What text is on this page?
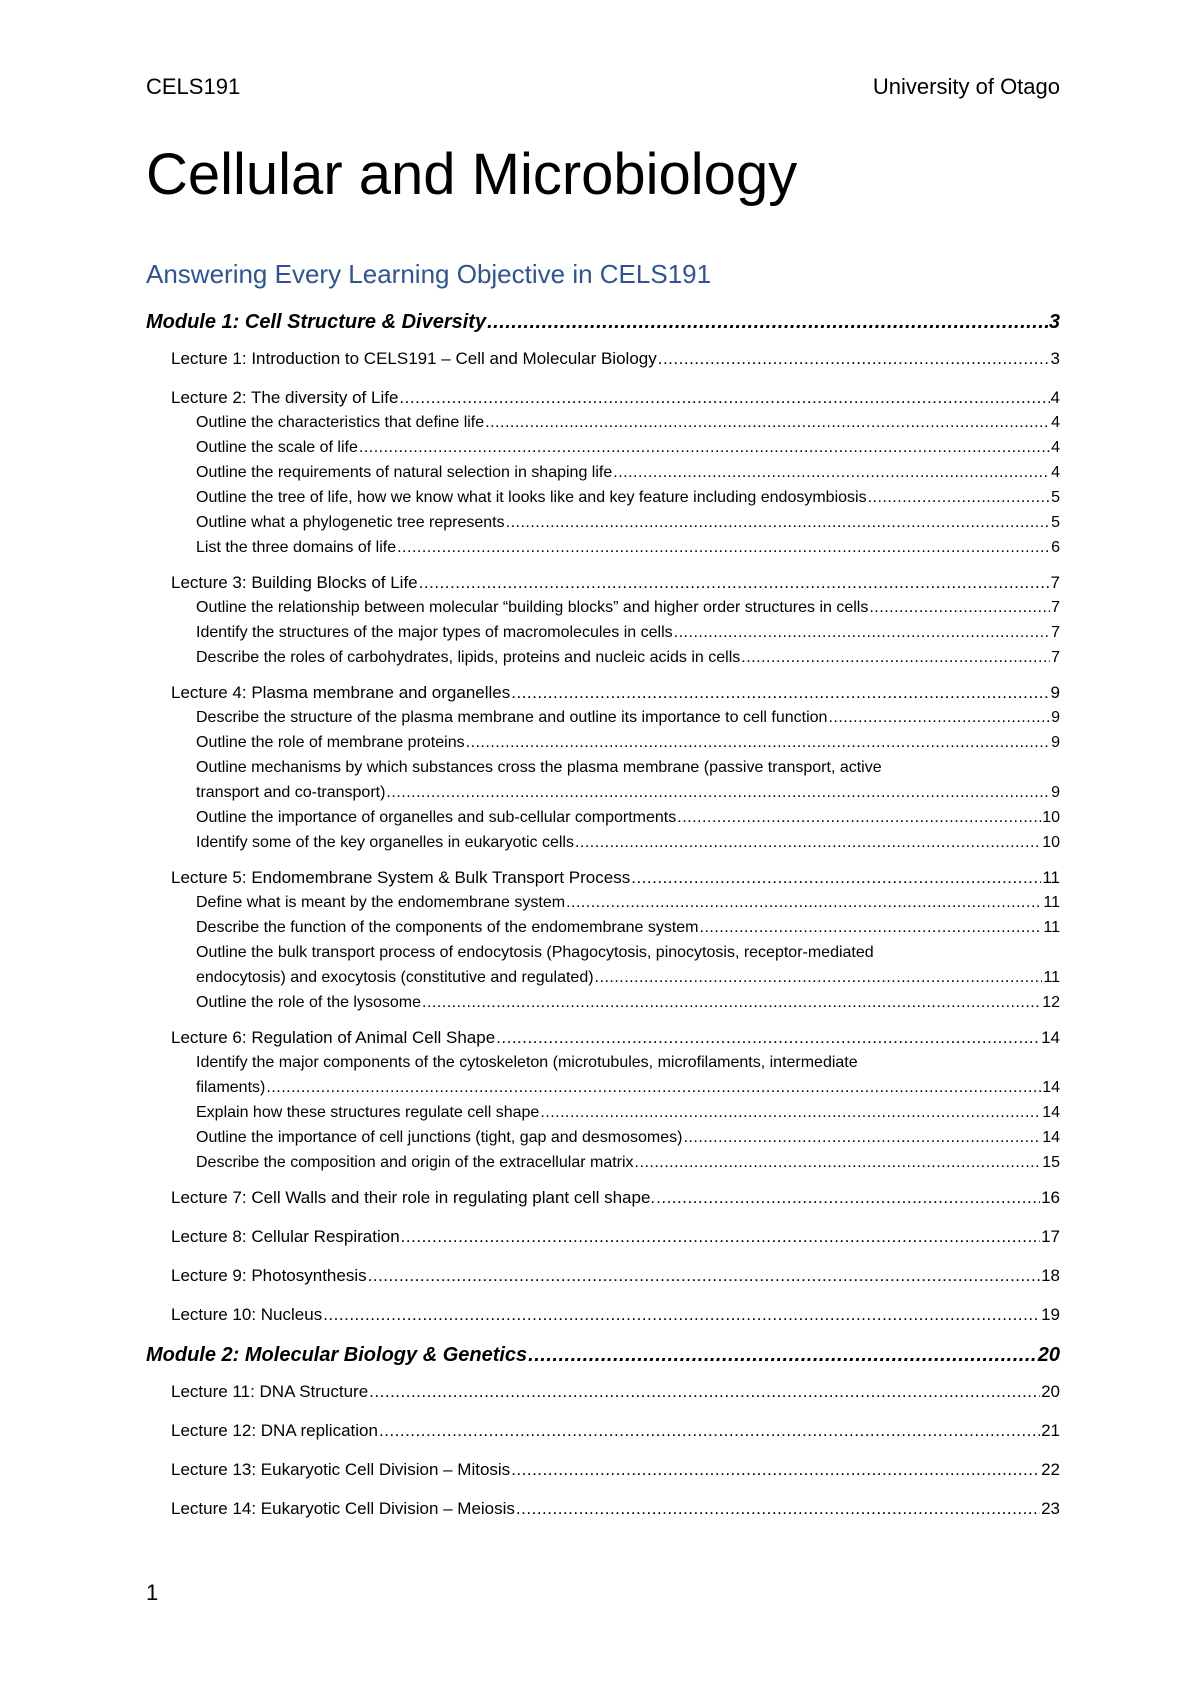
CELS191	University of Otago
Cellular and Microbiology
Answering Every Learning Objective in CELS191
Module 1: Cell Structure & Diversity .....	3
Lecture 1: Introduction to CELS191 – Cell and Molecular Biology .....	3
Lecture 2: The diversity of Life .....	4
Outline the characteristics that define life .....	4
Outline the scale of life .....	4
Outline the requirements of natural selection in shaping life .....	4
Outline the tree of life, how we know what it looks like and key feature including endosymbiosis .....	5
Outline what a phylogenetic tree represents .....	5
List the three domains of life .....	6
Lecture 3: Building Blocks of Life .....	7
Outline the relationship between molecular “building blocks” and higher order structures in cells .....	7
Identify the structures of the major types of macromolecules in cells .....	7
Describe the roles of carbohydrates, lipids, proteins and nucleic acids in cells .....	7
Lecture 4: Plasma membrane and organelles .....	9
Describe the structure of the plasma membrane and outline its importance to cell function .....	9
Outline the role of membrane proteins .....	9
Outline mechanisms by which substances cross the plasma membrane (passive transport, active
transport and co-transport) .....	9
Outline the importance of organelles and sub-cellular comportments .....	10
Identify some of the key organelles in eukaryotic cells .....	10
Lecture 5: Endomembrane System & Bulk Transport Process .....	11
Define what is meant by the endomembrane system .....	11
Describe the function of the components of the endomembrane system .....	11
Outline the bulk transport process of endocytosis (Phagocytosis, pinocytosis, receptor-mediated
endocytosis) and exocytosis (constitutive and regulated) .....	11
Outline the role of the lysosome .....	12
Lecture 6: Regulation of Animal Cell Shape .....	14
Identify the major components of the cytoskeleton (microtubules, microfilaments, intermediate
filaments) .....	14
Explain how these structures regulate cell shape .....	14
Outline the importance of cell junctions (tight, gap and desmosomes) .....	14
Describe the composition and origin of the extracellular matrix .....	15
Lecture 7: Cell Walls and their role in regulating plant cell shape. .....	16
Lecture 8: Cellular Respiration .....	17
Lecture 9: Photosynthesis .....	18
Lecture 10: Nucleus .....	19
Module 2: Molecular Biology & Genetics .....	20
Lecture 11: DNA Structure .....	20
Lecture 12: DNA replication .....	21
Lecture 13: Eukaryotic Cell Division – Mitosis .....	22
Lecture 14: Eukaryotic Cell Division – Meiosis .....	23
1
